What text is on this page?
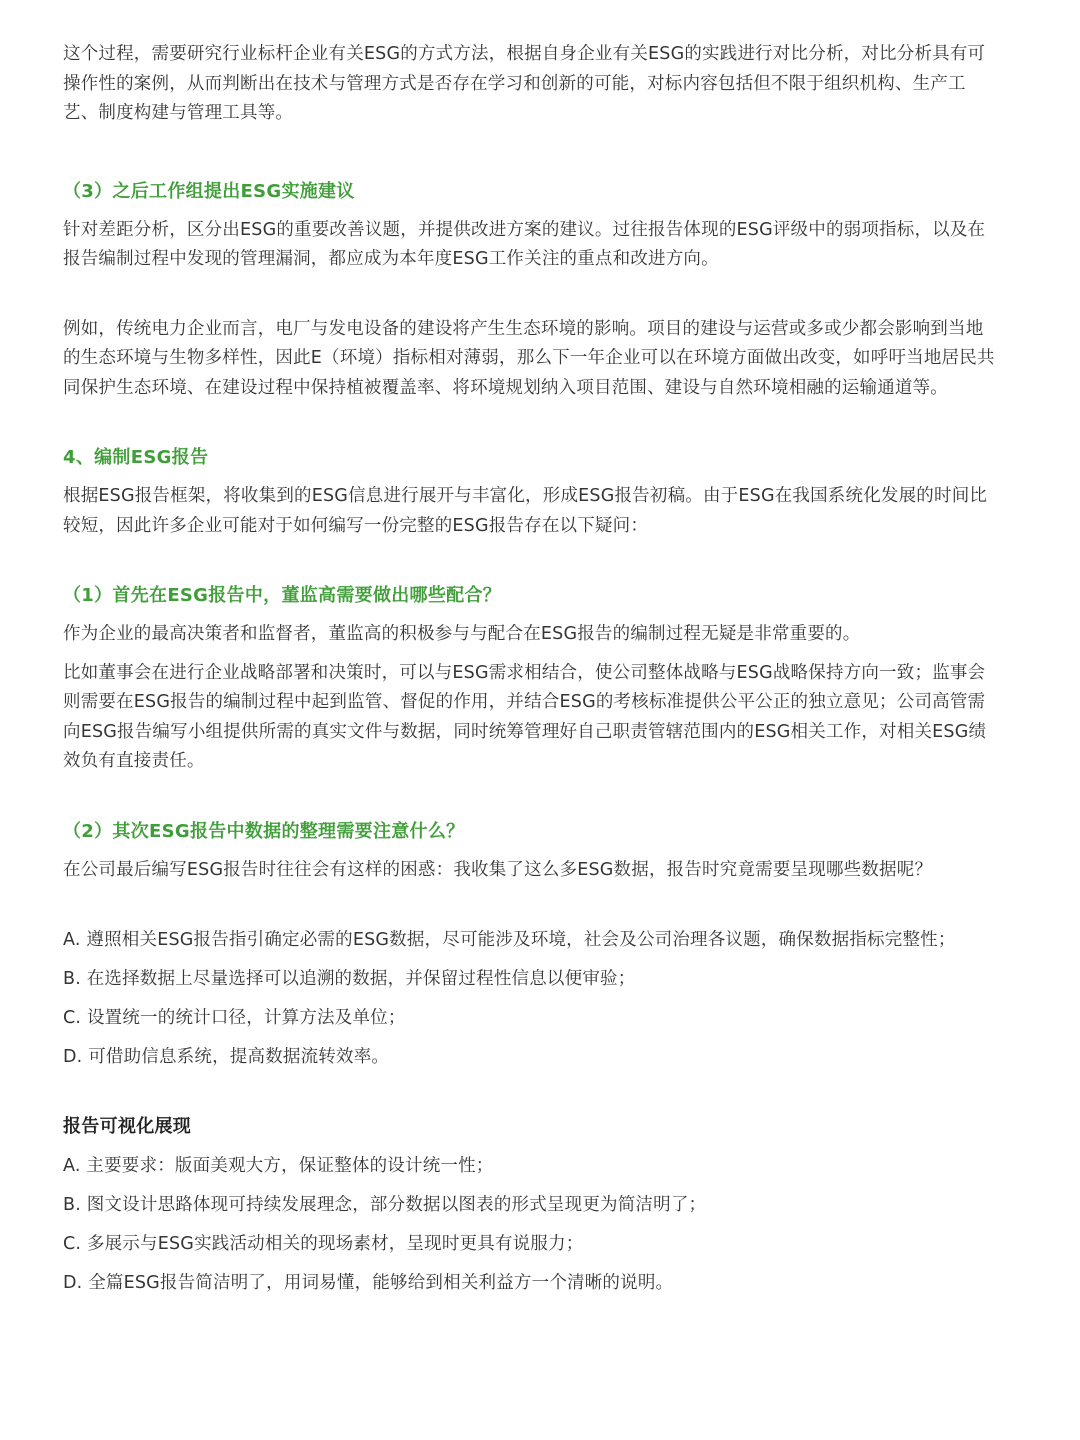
这个过程，需要研究行业标杆企业有关ESG的方式方法，根据自身企业有关ESG的实践进行对比分析，对比分析具有可操作性的案例，从而判断出在技术与管理方式是否存在学习和创新的可能，对标内容包括但不限于组织机构、生产工艺、制度构建与管理工具等。

（3）之后工作组提出ESG实施建议

针对差距分析，区分出ESG的重要改善议题，并提供改进方案的建议。过往报告体现的ESG评级中的弱项指标，以及在报告编制过程中发现的管理漏洞，都应成为本年度ESG工作关注的重点和改进方向。

例如，传统电力企业而言，电厂与发电设备的建设将产生生态环境的影响。项目的建设与运营或多或少都会影响到当地的生态环境与生物多样性，因此E（环境）指标相对薄弱，那么下一年企业可以在环境方面做出改变，如呼吁当地居民共同保护生态环境、在建设过程中保持植被覆盖率、将环境规划纳入项目范围、建设与自然环境相融的运输通道等。

4、编制ESG报告

根据ESG报告框架，将收集到的ESG信息进行展开与丰富化，形成ESG报告初稿。由于ESG在我国系统化发展的时间比较短，因此许多企业可能对于如何编写一份完整的ESG报告存在以下疑问：

（1）首先在ESG报告中，董监高需要做出哪些配合？

作为企业的最高决策者和监督者，董监高的积极参与与配合在ESG报告的编制过程无疑是非常重要的。

比如董事会在进行企业战略部署和决策时，可以与ESG需求相结合，使公司整体战略与ESG战略保持方向一致；监事会则需要在ESG报告的编制过程中起到监管、督促的作用，并结合ESG的考核标准提供公平公正的独立意见；公司高管需向ESG报告编写小组提供所需的真实文件与数据，同时统筹管理好自己职责管辖范围内的ESG相关工作，对相关ESG绩效负有直接责任。

（2）其次ESG报告中数据的整理需要注意什么？

在公司最后编写ESG报告时往往会有这样的困惑：我收集了这么多ESG数据，报告时究竟需要呈现哪些数据呢？

A. 遵照相关ESG报告指引确定必需的ESG数据，尽可能涉及环境，社会及公司治理各议题，确保数据指标完整性；
B. 在选择数据上尽量选择可以追溯的数据，并保留过程性信息以便审验；
C. 设置统一的统计口径，计算方法及单位；
D. 可借助信息系统，提高数据流转效率。
报告可视化展现
A. 主要要求：版面美观大方，保证整体的设计统一性；
B. 图文设计思路体现可持续发展理念，部分数据以图表的形式呈现更为简洁明了；
C. 多展示与ESG实践活动相关的现场素材，呈现时更具有说服力；
D. 全篇ESG报告简洁明了，用词易懂，能够给到相关利益方一个清晰的说明。
